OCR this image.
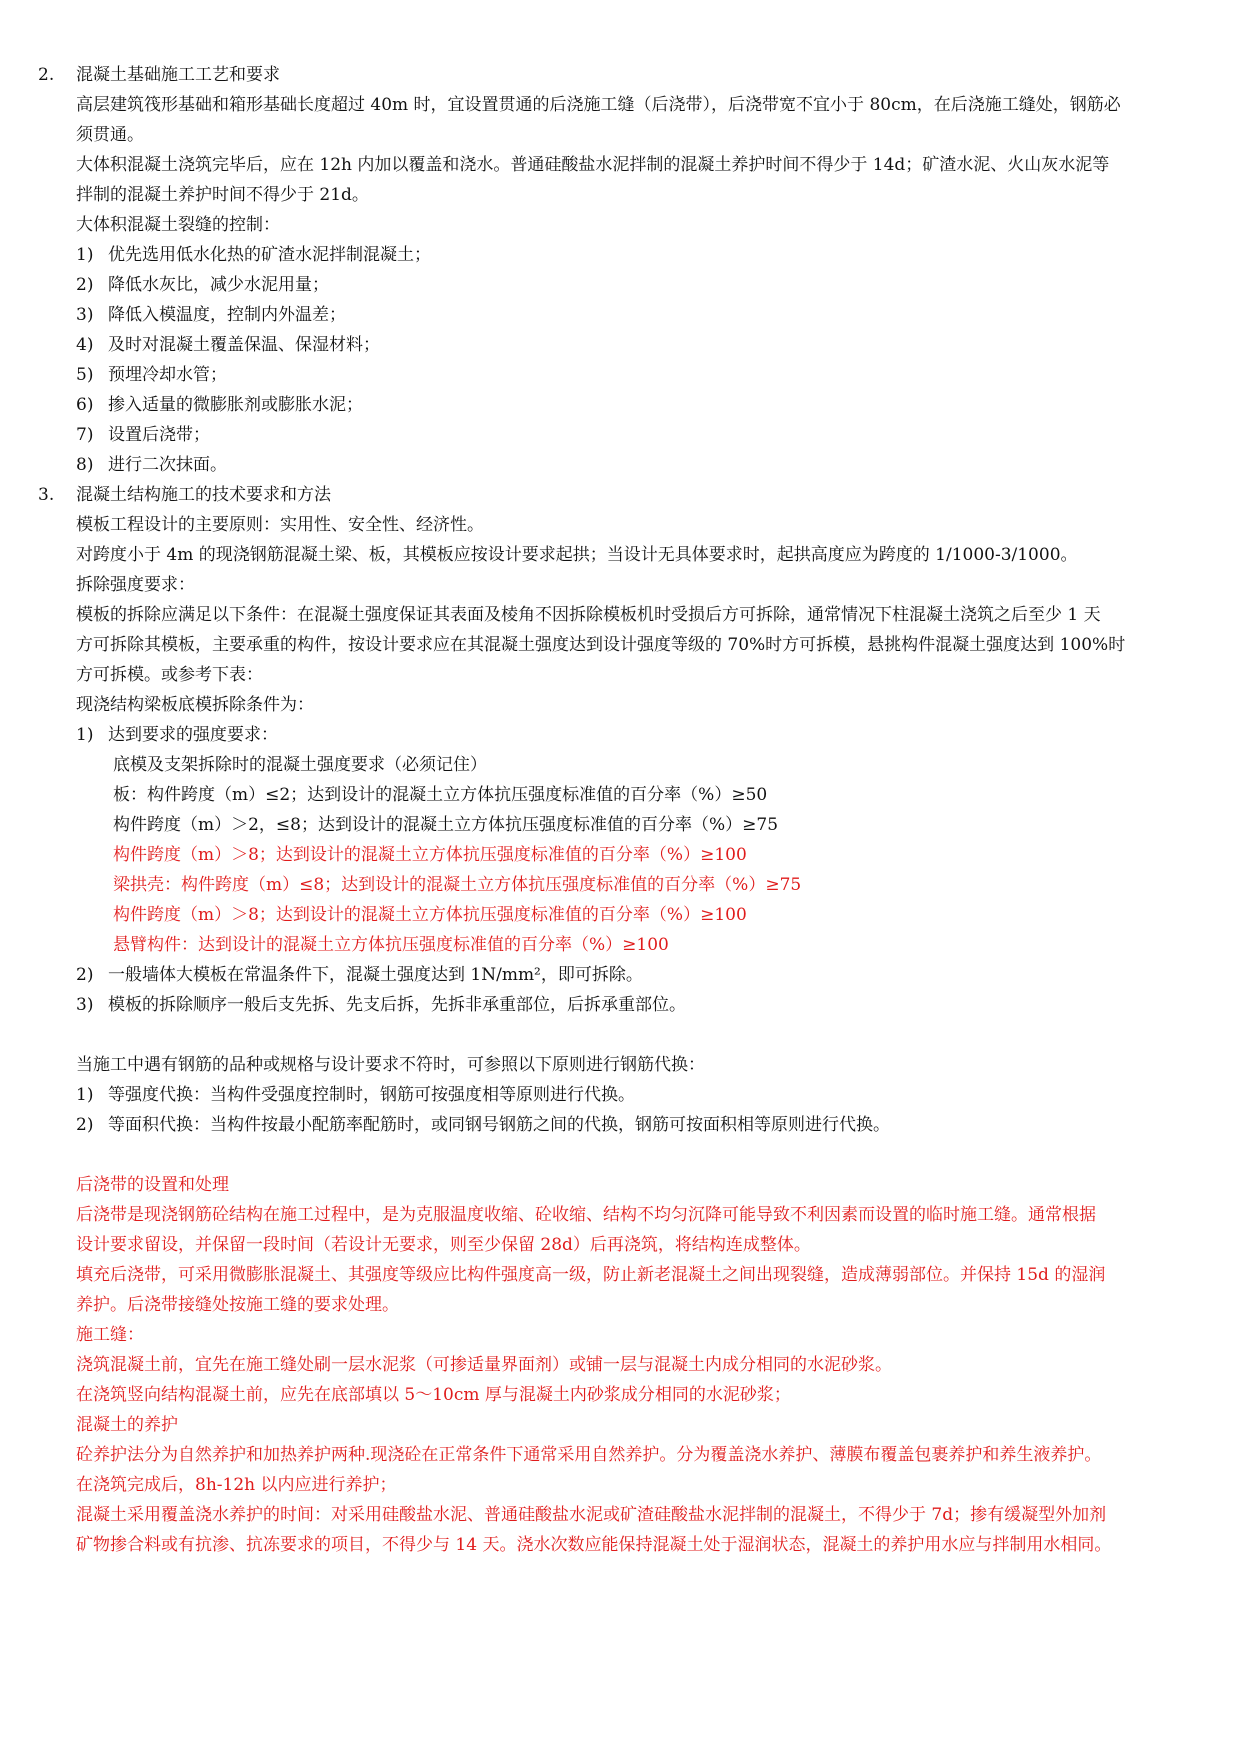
2. 混凝土基础施工工艺和要求
高层建筑筏形基础和箱形基础长度超过 40m 时，宜设置贯通的后浇施工缝（后浇带），后浇带宽不宜小于 80cm，在后浇施工缝处，钢筋必
须贯通。
大体积混凝土浇筑完毕后，应在 12h 内加以覆盖和浇水。普通硅酸盐水泥拌制的混凝土养护时间不得少于 14d；矿渣水泥、火山灰水泥等
拌制的混凝土养护时间不得少于 21d。
大体积混凝土裂缝的控制：
1) 优先选用低水化热的矿渣水泥拌制混凝土；
2) 降低水灰比，减少水泥用量；
3) 降低入模温度，控制内外温差；
4) 及时对混凝土覆盖保温、保湿材料；
5) 预埋冷却水管；
6) 掺入适量的微膨胀剂或膨胀水泥；
7) 设置后浇带；
8) 进行二次抹面。
3. 混凝土结构施工的技术要求和方法
模板工程设计的主要原则：实用性、安全性、经济性。
对跨度小于 4m 的现浇钢筋混凝土梁、板，其模板应按设计要求起拱；当设计无具体要求时，起拱高度应为跨度的 1/1000-3/1000。
拆除强度要求：
模板的拆除应满足以下条件：在混凝土强度保证其表面及棱角不因拆除模板机时受损后方可拆除，通常情况下柱混凝土浇筑之后至少 1 天
方可拆除其模板，主要承重的构件，按设计要求应在其混凝土强度达到设计强度等级的 70%时方可拆模，悬挑构件混凝土强度达到 100%时
方可拆模。或参考下表：
现浇结构梁板底模拆除条件为：
1) 达到要求的强度要求：
底模及支架拆除时的混凝土强度要求（必须记住）
板：构件跨度（m）≤2；达到设计的混凝土立方体抗压强度标准值的百分率（%）≥50
构件跨度（m）＞2，≤8；达到设计的混凝土立方体抗压强度标准值的百分率（%）≥75
构件跨度（m）＞8；达到设计的混凝土立方体抗压强度标准值的百分率（%）≥100
梁拱壳：构件跨度（m）≤8；达到设计的混凝土立方体抗压强度标准值的百分率（%）≥75
构件跨度（m）＞8；达到设计的混凝土立方体抗压强度标准值的百分率（%）≥100
悬臂构件：达到设计的混凝土立方体抗压强度标准值的百分率（%）≥100
2) 一般墙体大模板在常温条件下，混凝土强度达到 1N/mm²，即可拆除。
3) 模板的拆除顺序一般后支先拆、先支后拆，先拆非承重部位，后拆承重部位。
当施工中遇有钢筋的品种或规格与设计要求不符时，可参照以下原则进行钢筋代换：
1) 等强度代换：当构件受强度控制时，钢筋可按强度相等原则进行代换。
2) 等面积代换：当构件按最小配筋率配筋时，或同钢号钢筋之间的代换，钢筋可按面积相等原则进行代换。
后浇带的设置和处理
后浇带是现浇钢筋砼结构在施工过程中，是为克服温度收缩、砼收缩、结构不均匀沉降可能导致不利因素而设置的临时施工缝。通常根据
设计要求留设，并保留一段时间（若设计无要求，则至少保留 28d）后再浇筑，将结构连成整体。
填充后浇带，可采用微膨胀混凝土、其强度等级应比构件强度高一级，防止新老混凝土之间出现裂缝，造成薄弱部位。并保持 15d 的湿润
养护。后浇带接缝处按施工缝的要求处理。
施工缝：
浇筑混凝土前，宜先在施工缝处刷一层水泥浆（可掺适量界面剂）或铺一层与混凝土内成分相同的水泥砂浆。
在浇筑竖向结构混凝土前，应先在底部填以 5～10cm 厚与混凝土内砂浆成分相同的水泥砂浆；
混凝土的养护
砼养护法分为自然养护和加热养护两种.现浇砼在正常条件下通常采用自然养护。分为覆盖浇水养护、薄膜布覆盖包裹养护和养生液养护。
在浇筑完成后，8h-12h 以内应进行养护；
混凝土采用覆盖浇水养护的时间：对采用硅酸盐水泥、普通硅酸盐水泥或矿渣硅酸盐水泥拌制的混凝土，不得少于 7d；掺有缓凝型外加剂
矿物掺合料或有抗渗、抗冻要求的项目，不得少与 14 天。浇水次数应能保持混凝土处于湿润状态，混凝土的养护用水应与拌制用水相同。
